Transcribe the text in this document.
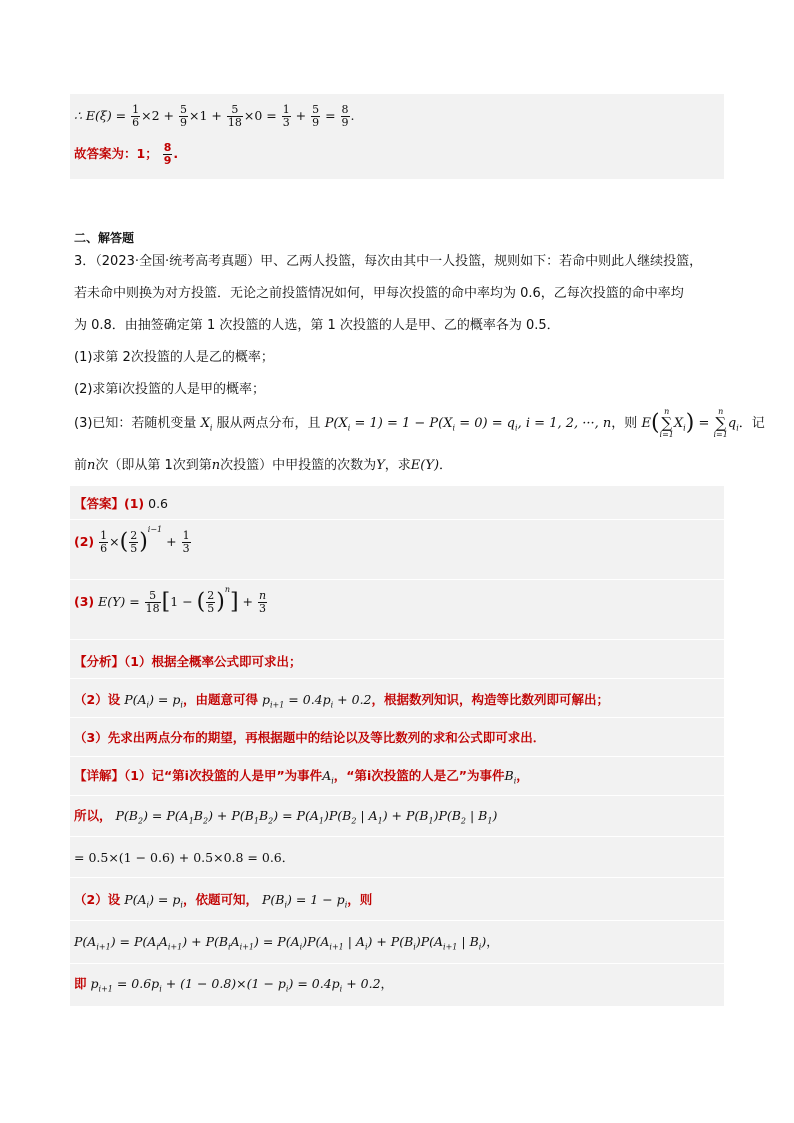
∴ $E(\xi) = \frac{1}{6} \times 2 + \frac{5}{9} \times 1 + \frac{5}{18} \times 0 = \frac{1}{3} + \frac{5}{9} = \frac{8}{9}$ .
故答案为：1； $\frac{8}{9}$ .
二、解答题
3．（2023·全国·统考高考真题）甲、乙两人投篮，每次由其中一人投篮，规则如下：若命中则此人继续投篮，
若未命中则换为对方投篮．无论之前投篮情况如何，甲每次投篮的命中率均为 0.6，乙每次投篮的命中率均
为 0.8．由抽签确定第 1 次投篮的人选，第 1 次投篮的人是甲、乙的概率各为 0.5．
(1)求第 2次投篮的人是乙的概率；
(2)求第i次投篮的人是甲的概率；
(3)已知：若随机变量 $X_i$ 服从两点分布，且 $P(X_i = 1) = 1 - P(X_i = 0) = q_i$, i = 1, 2, ···, n，则 E( n
∑
$i=1X_i) = n$
∑
$i=1q_i$．记
前n次（即从第 1次到第n次投篮）中甲投篮的次数为Y，求E(Y)．
【答案】(1) 0.6
$(2) \frac{1}{6}$ ×( $\frac{2}{5} )^{i-1} + \frac{1}{3}$
(3) $E(Y) = \frac{5}{18} [1$ − ( $\frac{2}{5} )^n] + \frac{n}{3}$
【分析】（1）根据全概率公式即可求出；
（2）设 $P(A_i) = p_i$，由题意可得 $p_{i+1} = 0.4p_i + 0.2$，根据数列知识，构造等比数列即可解出；
（3）先求出两点分布的期望，再根据题中的结论以及等比数列的求和公式即可求出．
【详解】（1）记“第i次投篮的人是甲”为事件$A_i$，“第i次投篮的人是乙”为事件$B_i$，
所以， $P(B_2) = P(A_1B_2) + P(B_1B_2) = P(A_1)P(B_2$ | $A_1) + P(B_1)P(B_2$ | $B_1$)
= 0.5×(1 − 0.6) + 0.5×0.8 = 0.6．
（2）设 $P(A_i) = p_i$，依题可知， $P(B_i) = 1 - p_i$，则
$P(A_{i+1}) = P(A_iA_{i+1}) + P(B_iA_{i+1}) = P(A_i)P(A_{i+1}$ | $A_i) + P(B_i)P(A_{i+1}$ | $B_i$)，
即 $p_{i+1} = 0.6p_i + (1 - 0.8)\times(1 - p_i) = 0.4p_i + 0.2$，
